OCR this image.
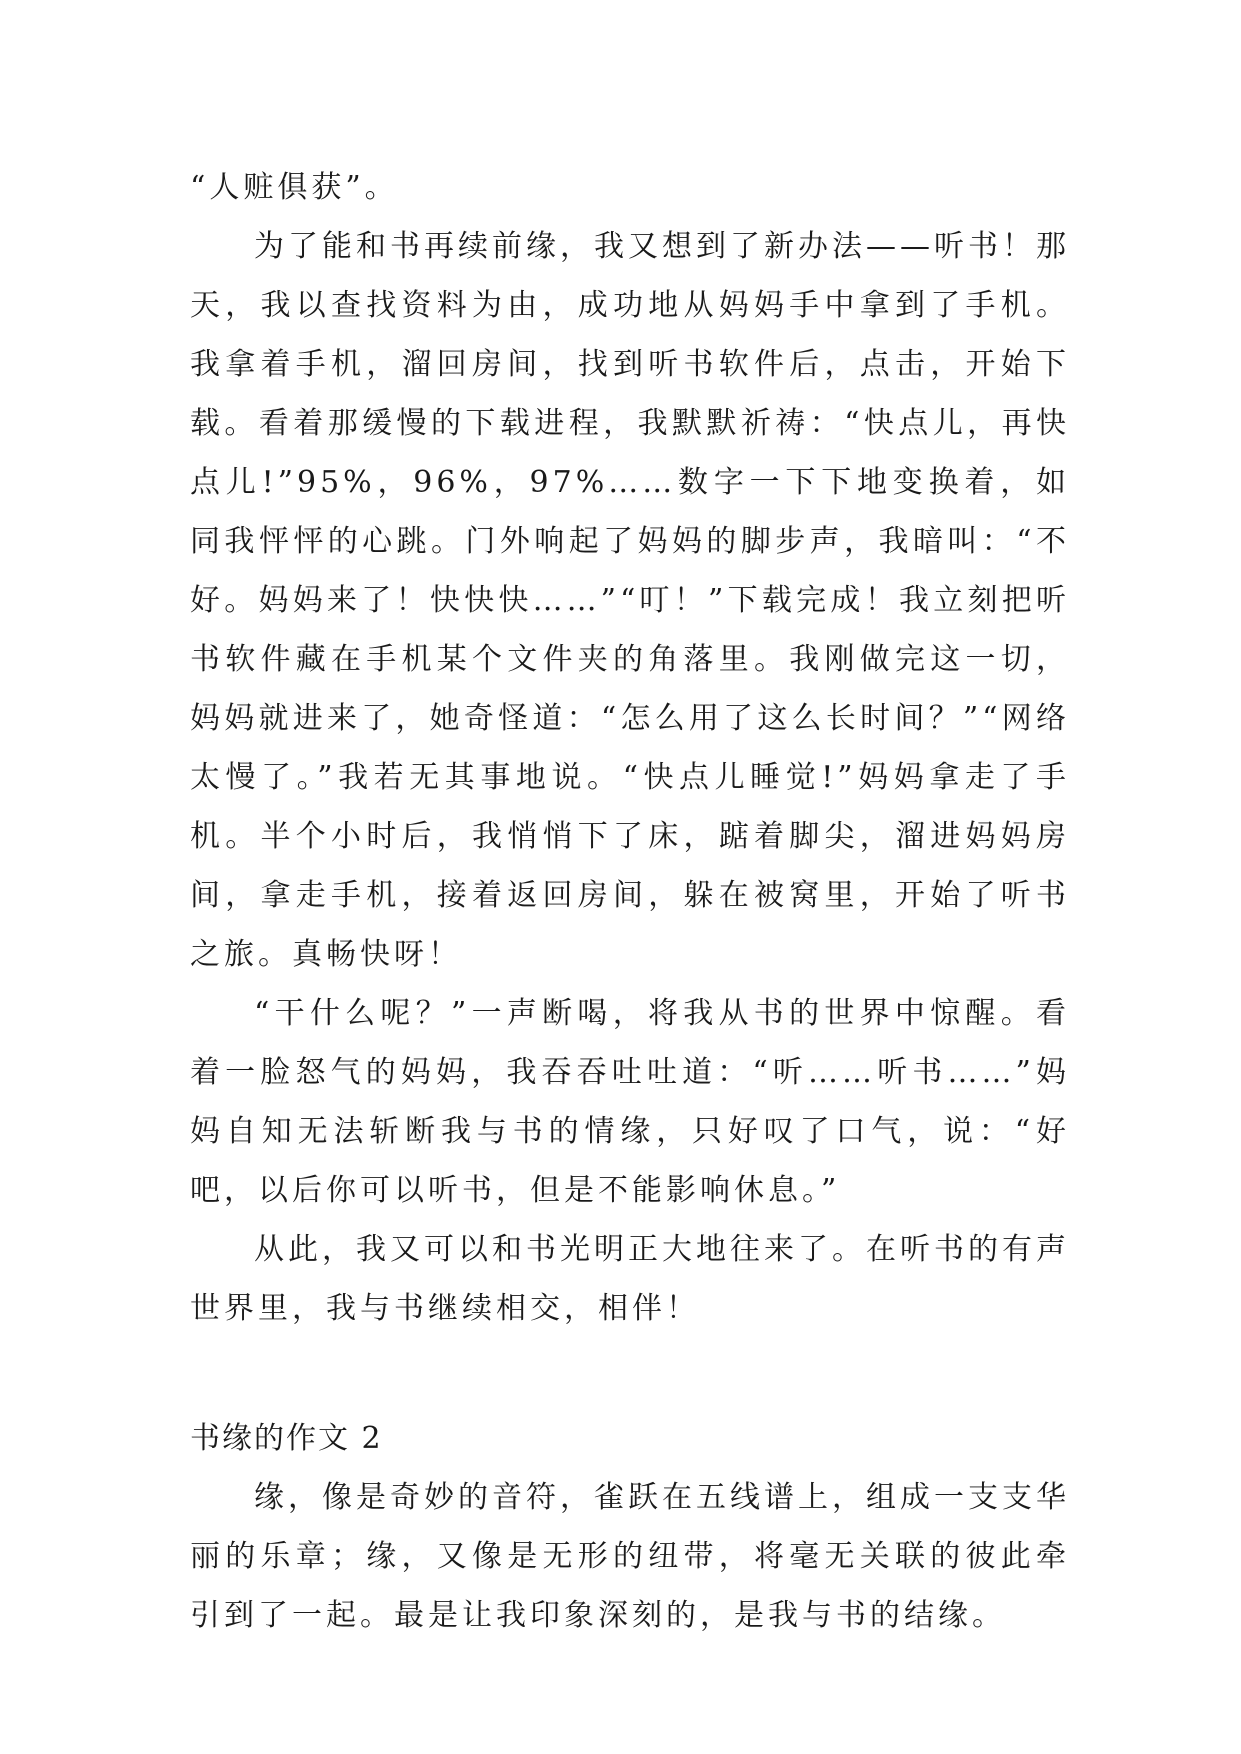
“人赃俱获”。

为了能和书再续前缘，我又想到了新办法——听书！那天，我以查找资料为由，成功地从妈妈手中拿到了手机。我拿着手机，溜回房间，找到听书软件后，点击，开始下载。看着那缓慢的下载进程，我默默祈祷：“快点儿，再快点儿!”95%，96%，97%……数字一下下地变换着，如同我怦怦的心跳。门外响起了妈妈的脚步声，我暗叫：“不好。妈妈来了！快快快……”“叮！”下载完成！我立刻把听书软件藏在手机某个文件夹的角落里。我刚做完这一切，妈妈就进来了，她奇怪道：“怎么用了这么长时间？”“网络太慢了。”我若无其事地说。“快点儿睡觉!”妈妈拿走了手机。半个小时后，我悄悄下了床，踮着脚尖，溜进妈妈房间，拿走手机，接着返回房间，躲在被窝里，开始了听书之旅。真畅快呀！

“干什么呢？”一声断喝，将我从书的世界中惊醒。看着一脸怒气的妈妈，我吞吞吐吐道：“听……听书……”妈妈自知无法斩断我与书的情缘，只好叹了口气，说：“好吧，以后你可以听书，但是不能影响休息。”

从此，我又可以和书光明正大地往来了。在听书的有声世界里，我与书继续相交，相伴！

书缘的作文 2

缘，像是奇妙的音符，雀跃在五线谱上，组成一支支华丽的乐章；缘，又像是无形的纽带，将毫无关联的彼此牵引到了一起。最是让我印象深刻的，是我与书的结缘。
